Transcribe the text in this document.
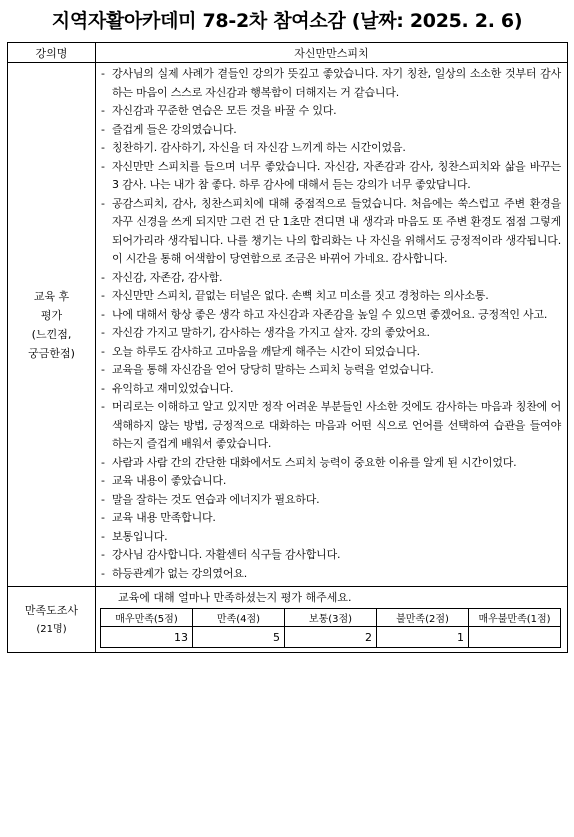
지역자활아카데미 78-2차 참여소감 (날짜: 2025. 2. 6)
강의명	자신만만스피치

교육 후
평가
(느낀점,
궁금한점)

- 강사님의 실제 사례가 곁들인 강의가 뜻깊고 좋았습니다. 자기 칭찬, 일상의 소소한 것부터 감사하는 마음이 스스로 자신감과 행복함이 더해지는 거 같습니다.
- 자신감과 꾸준한 연습은 모든 것을 바꿀 수 있다.
- 즐겁게 들은 강의였습니다.
- 칭찬하기. 감사하기, 자신을 더 자신감 느끼게 하는 시간이었음.
- 자신만만 스피치를 들으며 너무 좋았습니다. 자신감, 자존감과 감사, 칭찬스피치와 삶을 바꾸는 3 감사. 나는 내가 참 좋다. 하루 감사에 대해서 듣는 강의가 너무 좋았답니다.
- 공감스피치, 감사, 칭찬스피치에 대해 중점적으로 들었습니다. 처음에는 쑥스럽고 주변 환경을 자꾸 신경을 쓰게 되지만 그런 건 단 1초만 견디면 내 생각과 마음도 또 주변 환경도 점점 그렇게 되어가리라 생각됩니다. 나를 챙기는 나의 합리화는 나 자신을 위해서도 긍정적이라 생각됩니다. 이 시간을 통해 어색함이 당연함으로 조금은 바뀌어 가네요. 감사합니다.
- 자신감, 자존감, 감사함.
- 자신만만 스피치, 끝없는 터널은 없다. 손뼉 치고 미소를 짓고 경청하는 의사소통.
- 나에 대해서 항상 좋은 생각 하고 자신감과 자존감을 높일 수 있으면 좋겠어요. 긍정적인 사고.
- 자신감 가지고 말하기, 감사하는 생각을 가지고 살자. 강의 좋았어요.
- 오늘 하루도 감사하고 고마움을 깨닫게 해주는 시간이 되었습니다.
- 교육을 통해 자신감을 얻어 당당히 말하는 스피치 능력을 얻었습니다.
- 유익하고 재미있었습니다.
- 머리로는 이해하고 알고 있지만 정작 어려운 부분들인 사소한 것에도 감사하는 마음과 칭찬에 어색해하지 않는 방법, 긍정적으로 대화하는 마음과 어떤 식으로 언어를 선택하여 습관을 들여야 하는지 즐겁게 배워서 좋았습니다.
- 사람과 사람 간의 간단한 대화에서도 스피치 능력이 중요한 이유를 알게 된 시간이었다.
- 교육 내용이 좋았습니다.
- 말을 잘하는 것도 연습과 에너지가 필요하다.
- 교육 내용 만족합니다.
- 보통입니다.
- 강사님 감사합니다. 자활센터 식구들 감사합니다.
- 하등관계가 없는 강의였어요.

만족도조사
(21명)

교육에 대해 얼마나 만족하셨는지 평가 해주세요.
매우만족(5점)	만족(4점)	보통(3점)	불만족(2점)	매우불만족(1점)
13	5	2	1	
